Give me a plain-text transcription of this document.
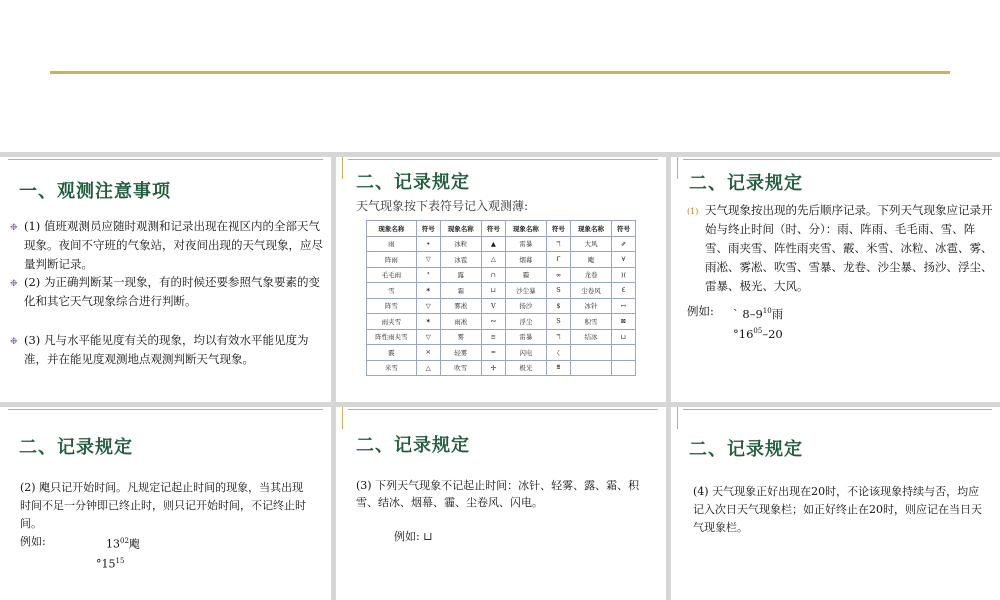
一、观测注意事项
❉ (1) 值班观测员应随时观测和记录出现在视区内的全部天气现象。夜间不守班的气象站，对夜间出现的天气现象，应尽量判断记录。
❉ (2) 为正确判断某一现象，有的时候还要参照气象要素的变化和其它天气现象综合进行判断。
❉ (3) 凡与水平能见度有关的现象，均以有效水平能见度为准，并在能见度观测地点观测判断天气现象。
二、记录规定
天气现象按下表符号记入观测薄:
现象名称	符号	现象名称	符号	现象名称	符号	现象名称	符号
雨	•	冰粒	▲	雷暴	ℸ	大风	⇗
阵雨	▽	冰雹	△	烟幕	ᒥ	飑	∀
毛毛雨	❜	露	∩	霾	∞	龙卷	)(
雪	✶	霜	⊔	沙尘暴	S	尘卷风	ℇ
阵雪	▽	雾凇	V	扬沙	$	冰针	↔
雨夹雪	✶	雨凇	∾	浮尘	S	积雪	⊠
阵性雨夹雪	▽	雾	≡	雷暴	ℸ	结冰	⊔
霰	⨯	轻雾	=	闪电	く		
米雪	△	吹雪	✢	极光	⩩		
二、记录规定
(1) 天气现象按出现的先后顺序记录。下列天气现象应记录开始与终止时间（时、分）：雨、阵雨、毛毛雨、雪、阵雪、雨夹雪、阵性雨夹雪、霰、米雪、冰粒、冰雹、雾、雨凇、雾凇、吹雪、雪暴、龙卷、沙尘暴、扬沙、浮尘、雷暴、极光、大风。
例如: ` $8-9^{10}$雨
$^\circ 16^{05}-20$
二、记录规定
(2) 飑只记开始时间。凡规定记起止时间的现象，当其出现时间不足一分钟即已终止时，则只记开始时间，不记终止时间。
例如:	$13^{02}$飑
$^\circ 15^{15}$
二、记录规定
(3) 下列天气现象不记起止时间：冰针、轻雾、露、霜、积雪、结冰、烟幕、霾、尘卷风、闪电。
例如: ⊔
二、记录规定
(4) 天气现象正好出现在20时，不论该现象持续与否，均应记入次日天气现象栏；如正好终止在20时，则应记在当日天气现象栏。
